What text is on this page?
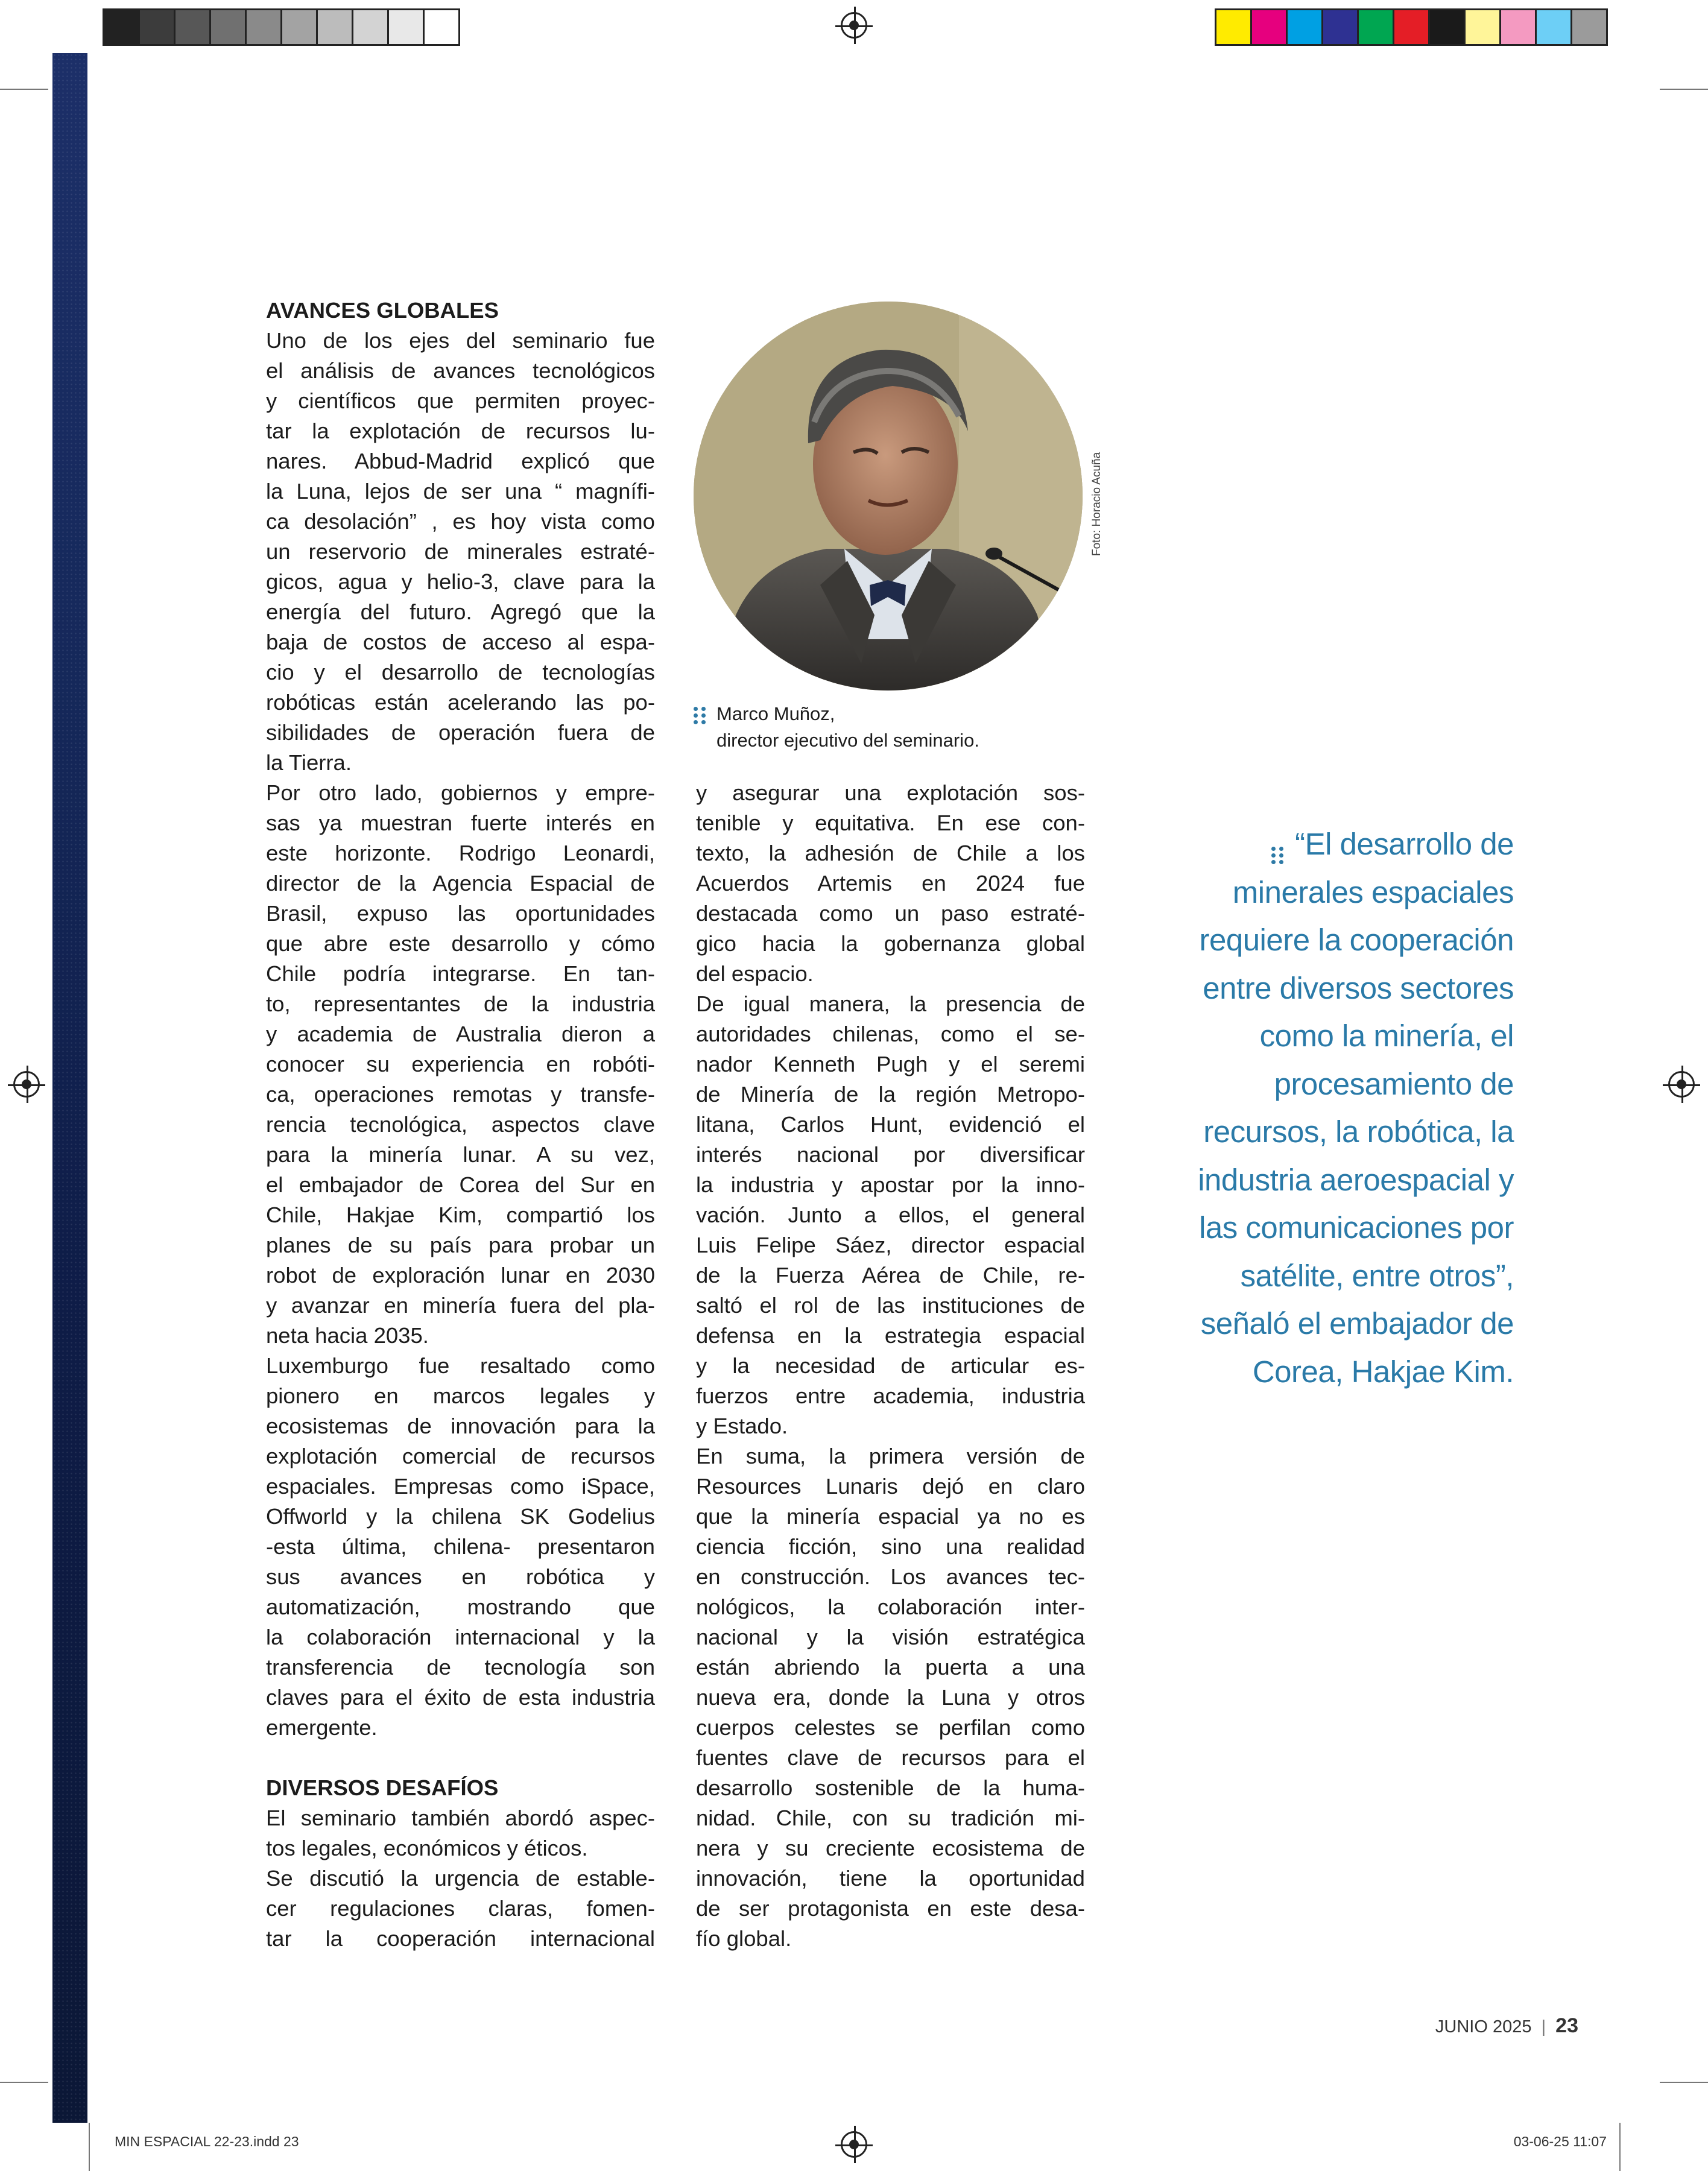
AVANCES GLOBALES

Uno de los ejes del seminario fue

el análisis de avances tecnológicos

y científicos que permiten proyec-

tar la explotación de recursos lu-

nares. Abbud-Madrid explicó que

la Luna, lejos de ser una “ magnífi-

ca desolación” , es hoy vista como

un reservorio de minerales estraté-

gicos, agua y helio-3, clave para la

energía del futuro. Agregó que la

baja de costos de acceso al espa-

cio y el desarrollo de tecnologías

robóticas están acelerando las po-

sibilidades de operación fuera de

la Tierra.

Por otro lado, gobiernos y empre-

sas ya muestran fuerte interés en

este horizonte. Rodrigo Leonardi,

director de la Agencia Espacial de

Brasil, expuso las oportunidades

que abre este desarrollo y cómo

Chile podría integrarse. En tan-

to, representantes de la industria

y academia de Australia dieron a

conocer su experiencia en robóti-

ca, operaciones remotas y transfe-

rencia tecnológica, aspectos clave

para la minería lunar. A su vez,

el embajador de Corea del Sur en

Chile, Hakjae Kim, compartió los

planes de su país para probar un

robot de exploración lunar en 2030

y avanzar en minería fuera del pla-

neta hacia 2035.

Luxemburgo fue resaltado como

pionero en marcos legales y

ecosistemas de innovación para la

explotación comercial de recursos

espaciales. Empresas como iSpace,

Offworld y la chilena SK Godelius

-esta última, chilena- presentaron

sus avances en robótica y

automatización, mostrando que

la colaboración internacional y la

transferencia de tecnología son

claves para el éxito de esta industria

emergente.

DIVERSOS DESAFÍOS

El seminario también abordó aspec-

tos legales, económicos y éticos.

Se discutió la urgencia de estable-

cer regulaciones claras, fomen-

tar la cooperación internacional

Foto: Horacio Acuña
Marco Muñoz,
director ejecutivo del seminario.

y asegurar una explotación sos-

tenible y equitativa. En ese con-

texto, la adhesión de Chile a los

Acuerdos Artemis en 2024 fue

destacada como un paso estraté-

gico hacia la gobernanza global

del espacio.

De igual manera, la presencia de

autoridades chilenas, como el se-

nador Kenneth Pugh y el seremi

de Minería de la región Metropo-

litana, Carlos Hunt, evidenció el

interés nacional por diversificar

la industria y apostar por la inno-

vación. Junto a ellos, el general

Luis Felipe Sáez, director espacial

de la Fuerza Aérea de Chile, re-

saltó el rol de las instituciones de

defensa en la estrategia espacial

y la necesidad de articular es-

fuerzos entre academia, industria

y Estado.

En suma, la primera versión de

Resources Lunaris dejó en claro

que la minería espacial ya no es

ciencia ficción, sino una realidad

en construcción. Los avances tec-

nológicos, la colaboración inter-

nacional y la visión estratégica

están abriendo la puerta a una

nueva era, donde la Luna y otros

cuerpos celestes se perfilan como

fuentes clave de recursos para el

desarrollo sostenible de la huma-

nidad. Chile, con su tradición mi-

nera y su creciente ecosistema de

innovación, tiene la oportunidad

de ser protagonista en este desa-

fío global.

“El desarrollo de

minerales espaciales

requiere la cooperación

entre diversos sectores

como la minería, el

procesamiento de

recursos, la robótica, la

industria aeroespacial y

las comunicaciones por

satélite, entre otros”,

señaló el embajador de

Corea, Hakjae Kim.

JUNIO 2025 | 23
MIN ESPACIAL 22-23.indd 23	03-06-25 11:07
